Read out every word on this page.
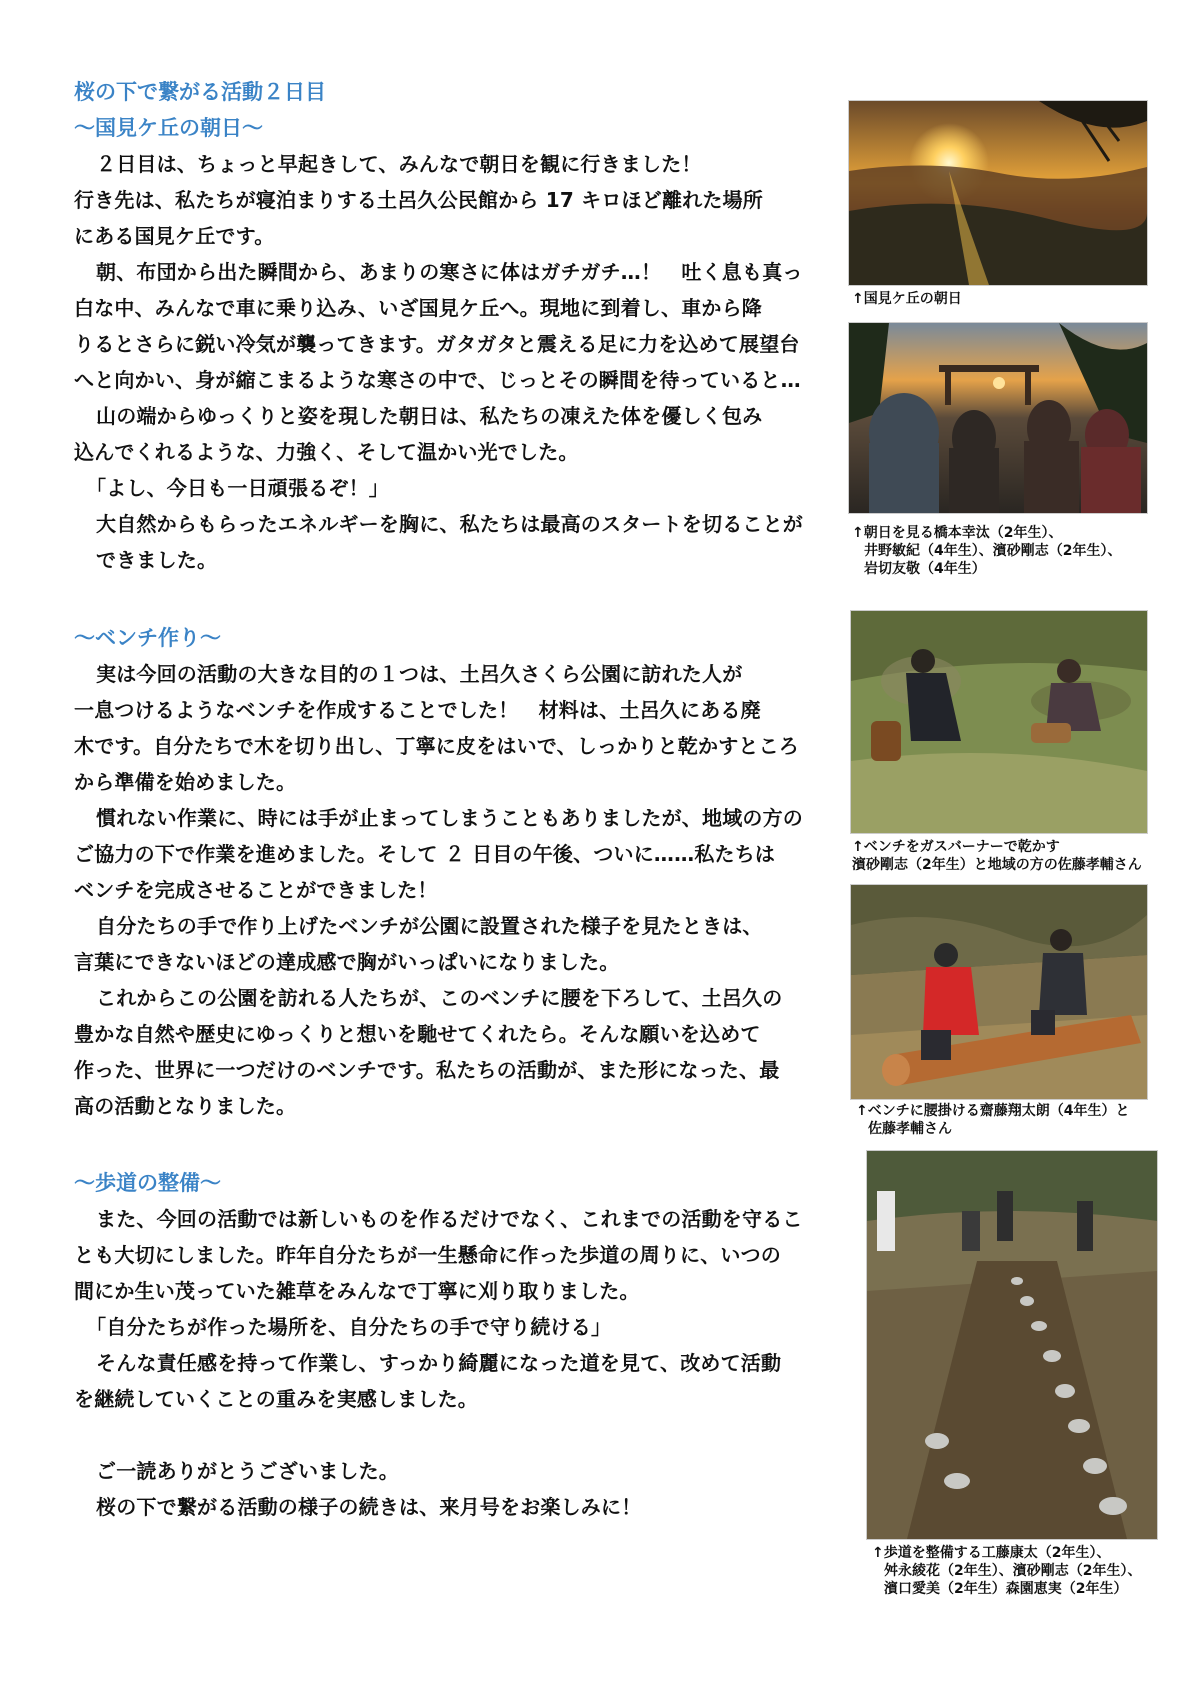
桜の下で繋がる活動２日目

～国見ケ丘の朝日～

２日目は、ちょっと早起きして、みんなで朝日を観に行きました！

行き先は、私たちが寝泊まりする土呂久公民館から 17 キロほど離れた場所

にある国見ケ丘です。

朝、布団から出た瞬間から、あまりの寒さに体はガチガチ…！　吐く息も真っ

白な中、みんなで車に乗り込み、いざ国見ケ丘へ。現地に到着し、車から降

りるとさらに鋭い冷気が襲ってきます。ガタガタと震える足に力を込めて展望台

へと向かい、身が縮こまるような寒さの中で、じっとその瞬間を待っていると…

山の端からゆっくりと姿を現した朝日は、私たちの凍えた体を優しく包み

込んでくれるような、力強く、そして温かい光でした。

「よし、今日も一日頑張るぞ！」

大自然からもらったエネルギーを胸に、私たちは最高のスタートを切ることが

できました。

～ベンチ作り～

実は今回の活動の大きな目的の１つは、土呂久さくら公園に訪れた人が

一息つけるようなベンチを作成することでした！　材料は、土呂久にある廃

木です。自分たちで木を切り出し、丁寧に皮をはいで、しっかりと乾かすところ

から準備を始めました。

慣れない作業に、時には手が止まってしまうこともありましたが、地域の方の

ご協力の下で作業を進めました。そして ２ 日目の午後、ついに……私たちは

ベンチを完成させることができました！

自分たちの手で作り上げたベンチが公園に設置された様子を見たときは、

言葉にできないほどの達成感で胸がいっぱいになりました。

これからこの公園を訪れる人たちが、このベンチに腰を下ろして、土呂久の

豊かな自然や歴史にゆっくりと想いを馳せてくれたら。そんな願いを込めて

作った、世界に一つだけのベンチです。私たちの活動が、また形になった、最

高の活動となりました。

～歩道の整備～

また、今回の活動では新しいものを作るだけでなく、これまでの活動を守るこ

とも大切にしました。昨年自分たちが一生懸命に作った歩道の周りに、いつの

間にか生い茂っていた雑草をみんなで丁寧に刈り取りました。

「自分たちが作った場所を、自分たちの手で守り続ける」

そんな責任感を持って作業し、すっかり綺麗になった道を見て、改めて活動

を継続していくことの重みを実感しました。

ご一読ありがとうございました。

桜の下で繋がる活動の様子の続きは、来月号をお楽しみに！

↑国見ケ丘の朝日
↑朝日を見る橋本幸汰（2年生）、
井野敏紀（4年生）、濱砂剛志（2年生）、
岩切友敬（4年生）
↑ベンチをガスバーナーで乾かす
濱砂剛志（2年生）と地域の方の佐藤孝輔さん
↑ベンチに腰掛ける齋藤翔太朗（4年生）と
佐藤孝輔さん
↑歩道を整備する工藤康太（2年生）、
舛永綾花（2年生）、濱砂剛志（2年生）、
濱口愛美（2年生）森園恵実（2年生）
